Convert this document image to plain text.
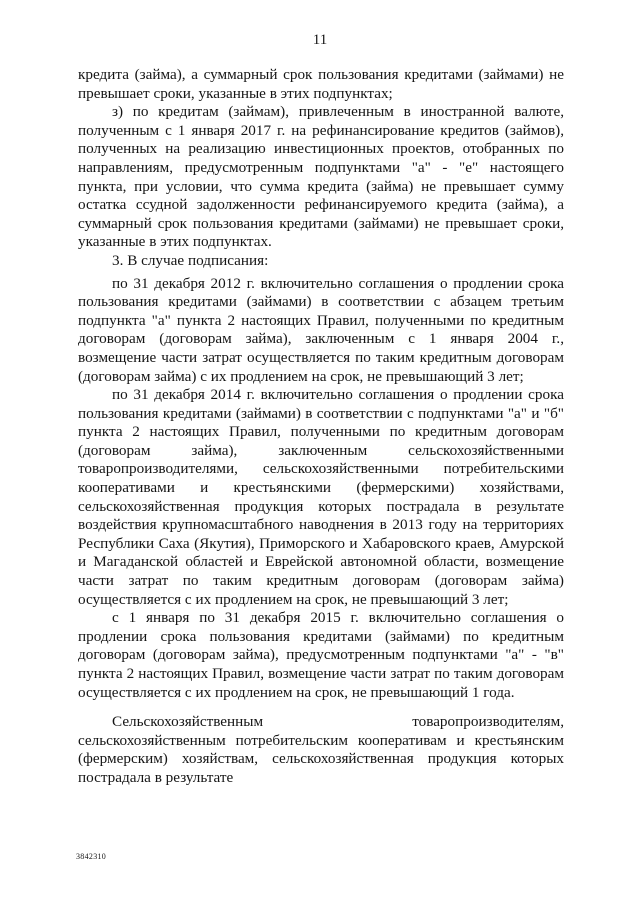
11

кредита (займа), а суммарный срок пользования кредитами (займами) не превышает сроки, указанные в этих подпунктах;

з) по кредитам (займам), привлеченным в иностранной валюте, полученным с 1 января 2017 г. на рефинансирование кредитов (займов), полученных на реализацию инвестиционных проектов, отобранных по направлениям, предусмотренным подпунктами "а" - "е" настоящего пункта, при условии, что сумма кредита (займа) не превышает сумму остатка ссудной задолженности рефинансируемого кредита (займа), а суммарный срок пользования кредитами (займами) не превышает сроки, указанные в этих подпунктах.

3. В случае подписания:

по 31 декабря 2012 г. включительно соглашения о продлении срока пользования кредитами (займами) в соответствии с абзацем третьим подпункта "а" пункта 2 настоящих Правил, полученными по кредитным договорам (договорам займа), заключенным с 1 января 2004 г., возмещение части затрат осуществляется по таким кредитным договорам (договорам займа) с их продлением на срок, не превышающий 3 лет;

по 31 декабря 2014 г. включительно соглашения о продлении срока пользования кредитами (займами) в соответствии с подпунктами "а" и "б" пункта 2 настоящих Правил, полученными по кредитным договорам (договорам займа), заключенным сельскохозяйственными товаропроизводителями, сельскохозяйственными потребительскими кооперативами и крестьянскими (фермерскими) хозяйствами, сельскохозяйственная продукция которых пострадала в результате воздействия крупномасштабного наводнения в 2013 году на территориях Республики Саха (Якутия), Приморского и Хабаровского краев, Амурской и Магаданской областей и Еврейской автономной области, возмещение части затрат по таким кредитным договорам (договорам займа) осуществляется с их продлением на срок, не превышающий 3 лет;

с 1 января по 31 декабря 2015 г. включительно соглашения о продлении срока пользования кредитами (займами) по кредитным договорам (договорам займа), предусмотренным подпунктами "а" - "в" пункта 2 настоящих Правил, возмещение части затрат по таким договорам осуществляется с их продлением на срок, не превышающий 1 года.

Сельскохозяйственным товаропроизводителям, сельскохозяйственным потребительским кооперативам и крестьянским (фермерским) хозяйствам, сельскохозяйственная продукция которых пострадала в результате

3842310
